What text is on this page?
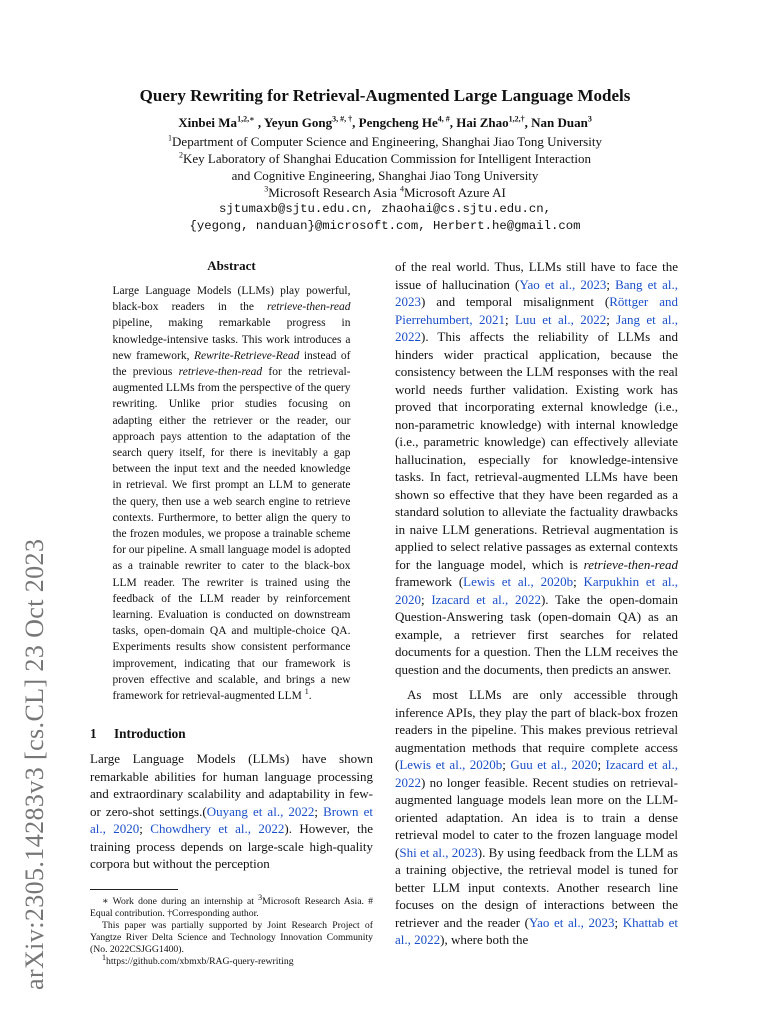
arXiv:2305.14283v3 [cs.CL] 23 Oct 2023
Query Rewriting for Retrieval-Augmented Large Language Models

Xinbei $Ma^{1,2,∗}$ , Yeyun Gong$^{3, \#, \dagger}$, Pengcheng $He^{4, \#}$, Hai Zhao$^{1,2,\dagger}$, Nan Duan$^3$

$^1$Department of Computer Science and Engineering, Shanghai Jiao Tong University

$^2$Key Laboratory of Shanghai Education Commission for Intelligent Interaction

and Cognitive Engineering, Shanghai Jiao Tong University

$^3$Microsoft Research Asia $^4$Microsoft Azure AI

sjtumaxb@sjtu.edu.cn, zhaohai@cs.sjtu.edu.cn,

{yegong, nanduan}@microsoft.com, Herbert.he@gmail.com

Abstract

Large Language Models (LLMs) play powerful, black-box readers in the retrieve-then-read pipeline, making remarkable progress in knowledge-intensive tasks. This work introduces a new framework, Rewrite-Retrieve-Read instead of the previous retrieve-then-read for the retrieval-augmented LLMs from the perspective of the query rewriting. Unlike prior studies focusing on adapting either the retriever or the reader, our approach pays attention to the adaptation of the search query itself, for there is inevitably a gap between the input text and the needed knowledge in retrieval. We first prompt an LLM to generate the query, then use a web search engine to retrieve contexts. Furthermore, to better align the query to the frozen modules, we propose a trainable scheme for our pipeline. A small language model is adopted as a trainable rewriter to cater to the black-box LLM reader. The rewriter is trained using the feedback of the LLM reader by reinforcement learning. Evaluation is conducted on downstream tasks, open-domain QA and multiple-choice QA. Experiments results show consistent performance improvement, indicating that our framework is proven effective and scalable, and brings a new framework for retrieval-augmented LLM $^1$.

1 Introduction

Large Language Models (LLMs) have shown remarkable abilities for human language processing and extraordinary scalability and adaptability in few- or zero-shot settings.(Ouyang et al., 2022; Brown et al., 2020; Chowdhery et al., 2022). However, the training process depends on large-scale high-quality corpora but without the perception

∗ Work done during an internship at $^3$Microsoft Research Asia. # Equal contribution. †Corresponding author.

This paper was partially supported by Joint Research Project of Yangtze River Delta Science and Technology Innovation Community (No. 2022CSJGG1400).

$^1$https://github.com/xbmxb/RAG-query-rewriting

of the real world. Thus, LLMs still have to face the issue of hallucination (Yao et al., 2023; Bang et al., 2023) and temporal misalignment (Röttger and Pierrehumbert, 2021; Luu et al., 2022; Jang et al., 2022). This affects the reliability of LLMs and hinders wider practical application, because the consistency between the LLM responses with the real world needs further validation. Existing work has proved that incorporating external knowledge (i.e., non-parametric knowledge) with internal knowledge (i.e., parametric knowledge) can effectively alleviate hallucination, especially for knowledge-intensive tasks. In fact, retrieval-augmented LLMs have been shown so effective that they have been regarded as a standard solution to alleviate the factuality drawbacks in naive LLM generations. Retrieval augmentation is applied to select relative passages as external contexts for the language model, which is retrieve-then-read framework (Lewis et al., 2020b; Karpukhin et al., 2020; Izacard et al., 2022). Take the open-domain Question-Answering task (open-domain QA) as an example, a retriever first searches for related documents for a question. Then the LLM receives the question and the documents, then predicts an answer.

As most LLMs are only accessible through inference APIs, they play the part of black-box frozen readers in the pipeline. This makes previous retrieval augmentation methods that require complete access (Lewis et al., 2020b; Guu et al., 2020; Izacard et al., 2022) no longer feasible. Recent studies on retrieval-augmented language models lean more on the LLM-oriented adaptation. An idea is to train a dense retrieval model to cater to the frozen language model (Shi et al., 2023). By using feedback from the LLM as a training objective, the retrieval model is tuned for better LLM input contexts. Another research line focuses on the design of interactions between the retriever and the reader (Yao et al., 2023; Khattab et al., 2022), where both the
